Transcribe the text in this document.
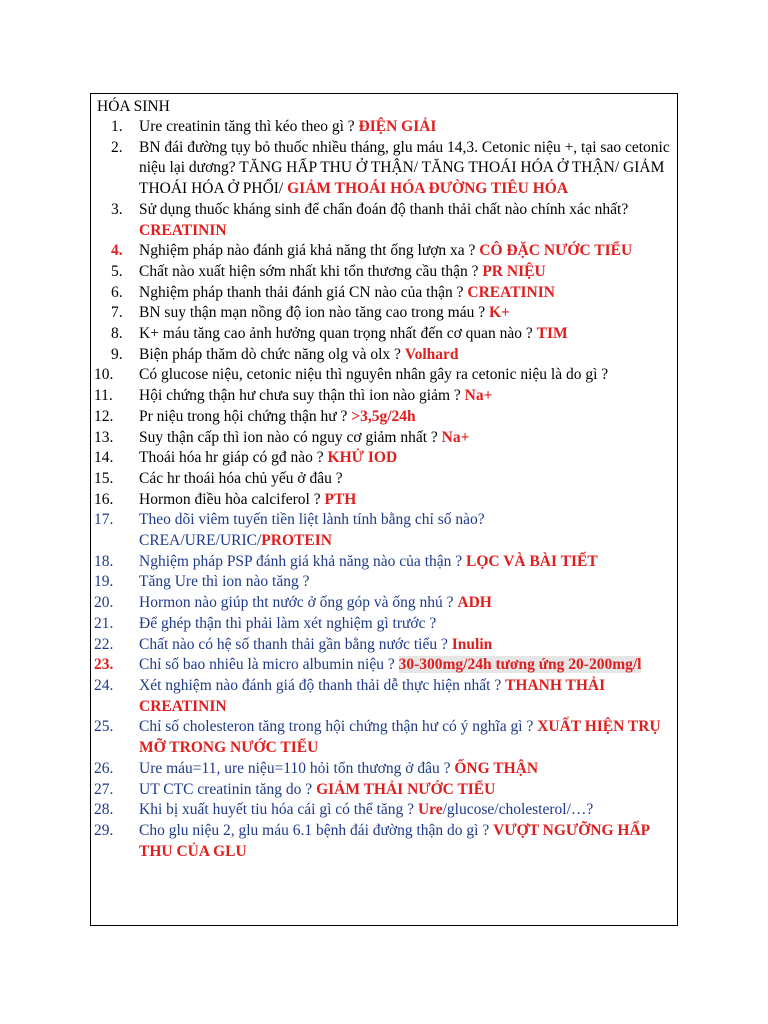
HÓA SINH
1. Ure creatinin tăng thì kéo theo gì ? ĐIỆN GIẢI
2. BN đái đường tụy bỏ thuốc nhiều tháng, glu máu 14,3. Cetonic niệu +, tại sao cetonic niệu lại dương? TĂNG HẤP THU Ở THẬN/ TĂNG THOÁI HÓA Ở THẬN/ GIẢM THOÁI HÓA Ở PHỔI/ GIẢM THOÁI HÓA ĐƯỜNG TIÊU HÓA
3. Sử dụng thuốc kháng sinh để chẩn đoán độ thanh thải chất nào chính xác nhất? CREATININ
4. Nghiệm pháp nào đánh giá khả năng tht ống lượn xa ? CÔ ĐẶC NƯỚC TIỂU
5. Chất nào xuất hiện sớm nhất khi tổn thương cầu thận ? PR NIỆU
6. Nghiệm pháp thanh thải đánh giá CN nào của thận ? CREATININ
7. BN suy thận mạn nồng độ ion nào tăng cao trong máu ? K+
8. K+ máu tăng cao ảnh hưởng quan trọng nhất đến cơ quan nào ? TIM
9. Biện pháp thăm dò chức năng olg và olx ? Volhard
10. Có glucose niệu, cetonic niệu thì nguyên nhân gây ra cetonic niệu là do gì ?
11. Hội chứng thận hư chưa suy thận thì ion nào giảm ? Na+
12. Pr niệu trong hội chứng thận hư ? >3,5g/24h
13. Suy thận cấp thì ion nào có nguy cơ giảm nhất ? Na+
14. Thoái hóa hr giáp có gđ nào ? KHỬ IOD
15. Các hr thoái hóa chủ yếu ở đâu ?
16. Hormon điều hòa calciferol ? PTH
17. Theo dõi viêm tuyến tiền liệt lành tính bằng chỉ số nào? CREA/URE/URIC/PROTEIN
18. Nghiệm pháp PSP đánh giá khả năng nào của thận ? LỌC VÀ BÀI TIẾT
19. Tăng Ure thì ion nào tăng ?
20. Hormon nào giúp tht nước ở ống góp và ống nhú ? ADH
21. Để ghép thận thì phải làm xét nghiệm gì trước ?
22. Chất nào có hệ số thanh thải gần bằng nước tiểu ? Inulin
23. Chỉ số bao nhiêu là micro albumin niệu ? 30-300mg/24h tương ứng 20-200mg/l
24. Xét nghiệm nào đánh giá độ thanh thải dễ thực hiện nhất ? THANH THẢI CREATININ
25. Chỉ số cholesteron tăng trong hội chứng thận hư có ý nghĩa gì ? XUẤT HIỆN TRỤ MỠ TRONG NƯỚC TIỂU
26. Ure máu=11, ure niệu=110 hỏi tổn thương ở đâu ? ỐNG THẬN
27. UT CTC creatinin tăng do ? GIẢM THẢI NƯỚC TIỂU
28. Khi bị xuất huyết tiu hóa cái gì có thể tăng ? Ure/glucose/cholesterol/…?
29. Cho glu niệu 2, glu máu 6.1 bệnh đái đường thận do gì ? VƯỢT NGƯỠNG HẤP THU CỦA GLU
